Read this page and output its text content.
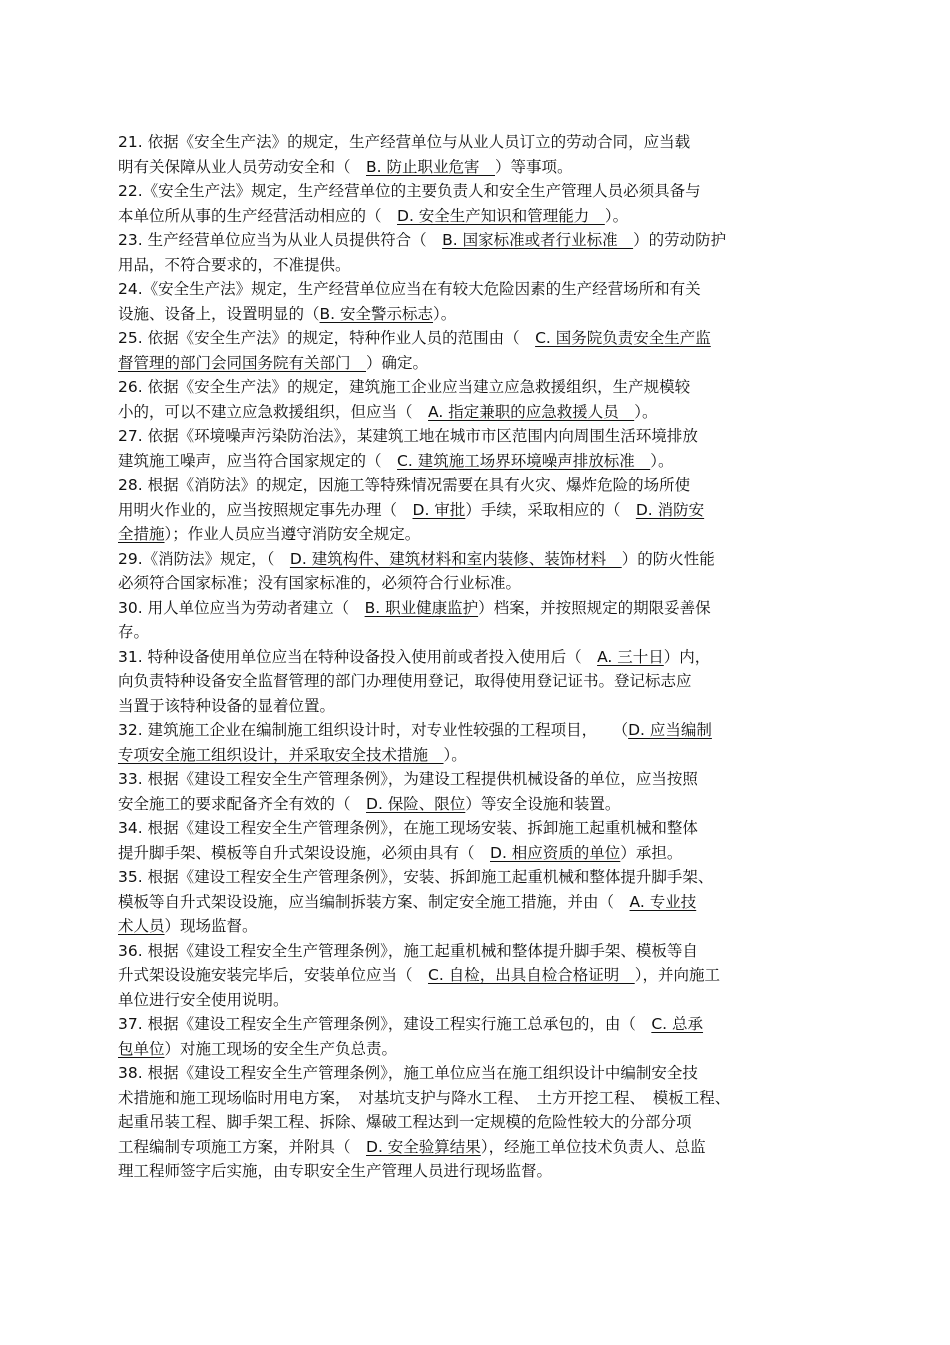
21. 依据《安全生产法》的规定，生产经营单位与从业人员订立的劳动合同，应当载
明有关保障从业人员劳动安全和（　B. 防止职业危害　）等事项。
22.《安全生产法》规定，生产经营单位的主要负责人和安全生产管理人员必须具备与
本单位所从事的生产经营活动相应的（　D. 安全生产知识和管理能力　）。
23. 生产经营单位应当为从业人员提供符合（　B. 国家标准或者行业标准　）的劳动防护
用品，不符合要求的，不准提供。
24.《安全生产法》规定，生产经营单位应当在有较大危险因素的生产经营场所和有关
设施、设备上，设置明显的（B. 安全警示标志）。
25. 依据《安全生产法》的规定，特种作业人员的范围由（　C. 国务院负责安全生产监
督管理的部门会同国务院有关部门　）确定。
26. 依据《安全生产法》的规定，建筑施工企业应当建立应急救援组织，生产规模较
小的，可以不建立应急救援组织，但应当（　A. 指定兼职的应急救援人员　）。
27. 依据《环境噪声污染防治法》，某建筑工地在城市市区范围内向周围生活环境排放
建筑施工噪声，应当符合国家规定的（　C. 建筑施工场界环境噪声排放标准　）。
28. 根据《消防法》的规定，因施工等特殊情况需要在具有火灾、爆炸危险的场所使
用明火作业的，应当按照规定事先办理（　D. 审批）手续，采取相应的（　D. 消防安
全措施）；作业人员应当遵守消防安全规定。
29.《消防法》规定，（　D. 建筑构件、建筑材料和室内装修、装饰材料　）的防火性能
必须符合国家标准；没有国家标准的，必须符合行业标准。
30. 用人单位应当为劳动者建立（　B. 职业健康监护）档案，并按照规定的期限妥善保
存。
31. 特种设备使用单位应当在特种设备投入使用前或者投入使用后（　A. 三十日）内，
向负责特种设备安全监督管理的部门办理使用登记，取得使用登记证书。登记标志应
当置于该特种设备的显着位置。
32. 建筑施工企业在编制施工组织设计时，对专业性较强的工程项目，　　（D. 应当编制
专项安全施工组织设计，并采取安全技术措施　）。
33. 根据《建设工程安全生产管理条例》，为建设工程提供机械设备的单位，应当按照
安全施工的要求配备齐全有效的（　D. 保险、限位）等安全设施和装置。
34. 根据《建设工程安全生产管理条例》，在施工现场安装、拆卸施工起重机械和整体
提升脚手架、模板等自升式架设设施，必须由具有（　D. 相应资质的单位）承担。
35. 根据《建设工程安全生产管理条例》，安装、拆卸施工起重机械和整体提升脚手架、
模板等自升式架设设施，应当编制拆装方案、制定安全施工措施，并由（　A. 专业技
术人员）现场监督。
36. 根据《建设工程安全生产管理条例》，施工起重机械和整体提升脚手架、模板等自
升式架设设施安装完毕后，安装单位应当（　C. 自检，出具自检合格证明　），并向施工
单位进行安全使用说明。
37. 根据《建设工程安全生产管理条例》，建设工程实行施工总承包的，由（　C. 总承
包单位）对施工现场的安全生产负总责。
38. 根据《建设工程安全生产管理条例》，施工单位应当在施工组织设计中编制安全技
术措施和施工现场临时用电方案，　对基坑支护与降水工程、　土方开挖工程、　模板工程、
起重吊装工程、脚手架工程、拆除、爆破工程达到一定规模的危险性较大的分部分项
工程编制专项施工方案，并附具（　D. 安全验算结果），经施工单位技术负责人、总监
理工程师签字后实施，由专职安全生产管理人员进行现场监督。
